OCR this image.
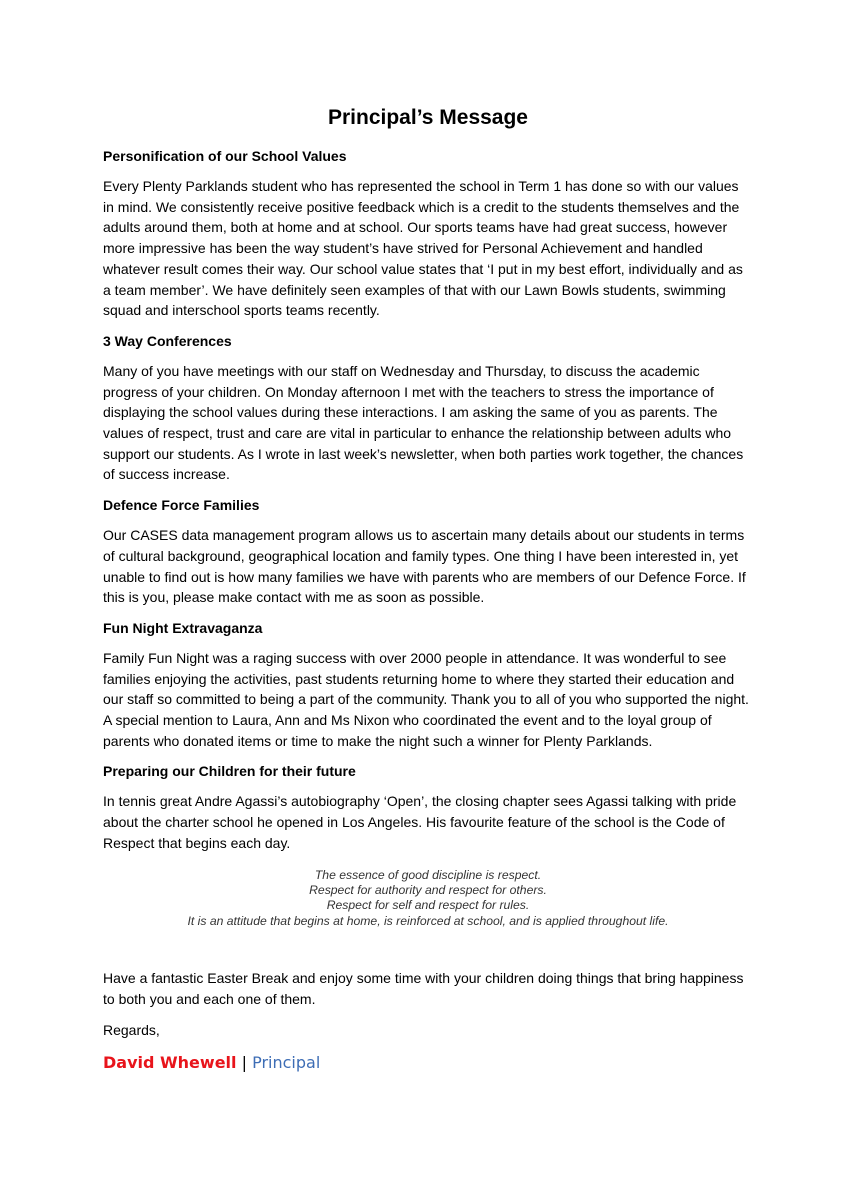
Principal’s Message
Personification of our School Values

Every Plenty Parklands student who has represented the school in Term 1 has done so with our values in mind. We consistently receive positive feedback which is a credit to the students themselves and the adults around them, both at home and at school. Our sports teams have had great success, however more impressive has been the way student’s have strived for Personal Achievement and handled whatever result comes their way. Our school value states that ‘I put in my best effort, individually and as a team member’. We have definitely seen examples of that with our Lawn Bowls students, swimming squad and interschool sports teams recently.

3 Way Conferences

Many of you have meetings with our staff on Wednesday and Thursday, to discuss the academic progress of your children. On Monday afternoon I met with the teachers to stress the importance of displaying the school values during these interactions. I am asking the same of you as parents. The values of respect, trust and care are vital in particular to enhance the relationship between adults who support our students. As I wrote in last week’s newsletter, when both parties work together, the chances of success increase.

Defence Force Families

Our CASES data management program allows us to ascertain many details about our students in terms of cultural background, geographical location and family types. One thing I have been interested in, yet unable to find out is how many families we have with parents who are members of our Defence Force. If this is you, please make contact with me as soon as possible.

Fun Night Extravaganza

Family Fun Night was a raging success with over 2000 people in attendance. It was wonderful to see families enjoying the activities, past students returning home to where they started their education and our staff so committed to being a part of the community. Thank you to all of you who supported the night. A special mention to Laura, Ann and Ms Nixon who coordinated the event and to the loyal group of parents who donated items or time to make the night such a winner for Plenty Parklands.

Preparing our Children for their future

In tennis great Andre Agassi’s autobiography ‘Open’, the closing chapter sees Agassi talking with pride about the charter school he opened in Los Angeles. His favourite feature of the school is the Code of Respect that begins each day.

The essence of good discipline is respect.
Respect for authority and respect for others.
Respect for self and respect for rules.
It is an attitude that begins at home, is reinforced at school, and is applied throughout life.

Have a fantastic Easter Break and enjoy some time with your children doing things that bring happiness to both you and each one of them.

Regards,

David Whewell | Principal
